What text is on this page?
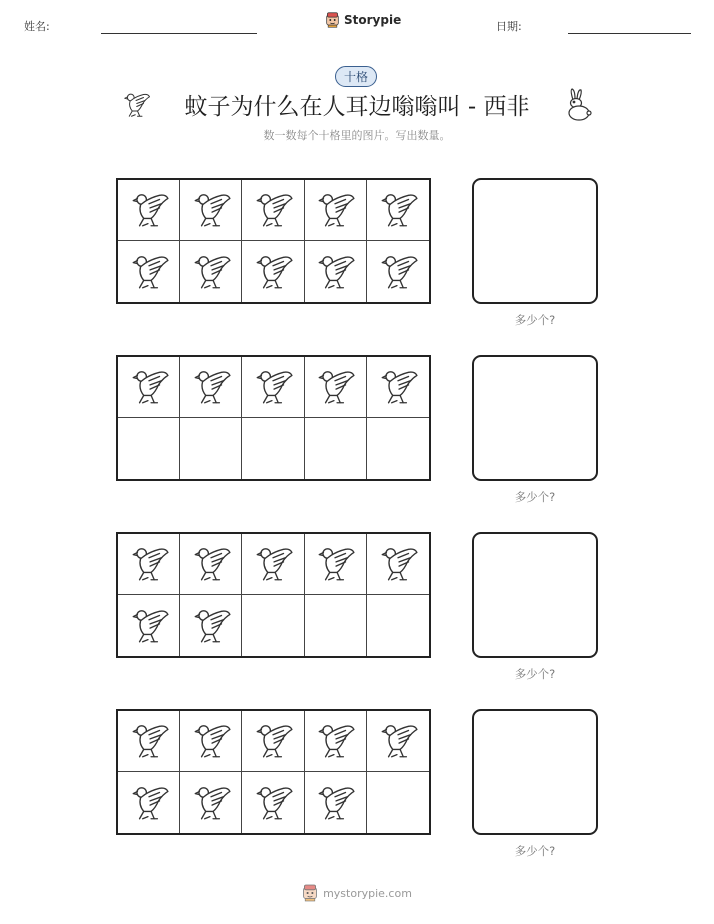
姓名:	Storypie	日期:
十格
蚊子为什么在人耳边嗡嗡叫 - 西非
数一数每个十格里的图片。写出数量。
多少个?
多少个?
多少个?
多少个?
mystorypie.com
